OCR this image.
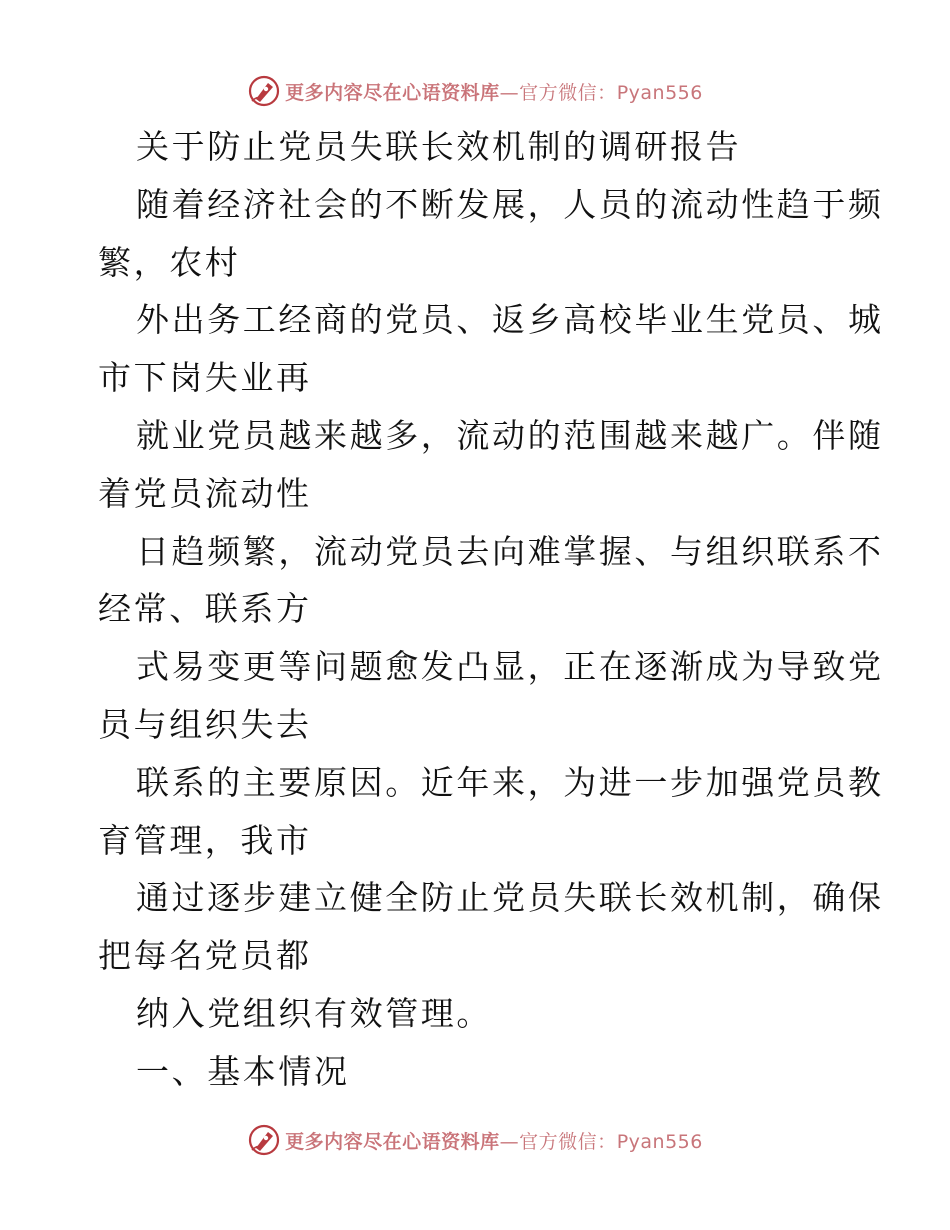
更多内容尽在心语资料库—官方微信：Pyan556
关于防止党员失联长效机制的调研报告
随着经济社会的不断发展，人员的流动性趋于频
繁，农村
外出务工经商的党员、返乡高校毕业生党员、城
市下岗失业再
就业党员越来越多，流动的范围越来越广。伴随
着党员流动性
日趋频繁，流动党员去向难掌握、与组织联系不
经常、联系方
式易变更等问题愈发凸显，正在逐渐成为导致党
员与组织失去
联系的主要原因。近年来，为进一步加强党员教
育管理，我市
通过逐步建立健全防止党员失联长效机制，确保
把每名党员都
纳入党组织有效管理。
一、基本情况
更多内容尽在心语资料库—官方微信：Pyan556
